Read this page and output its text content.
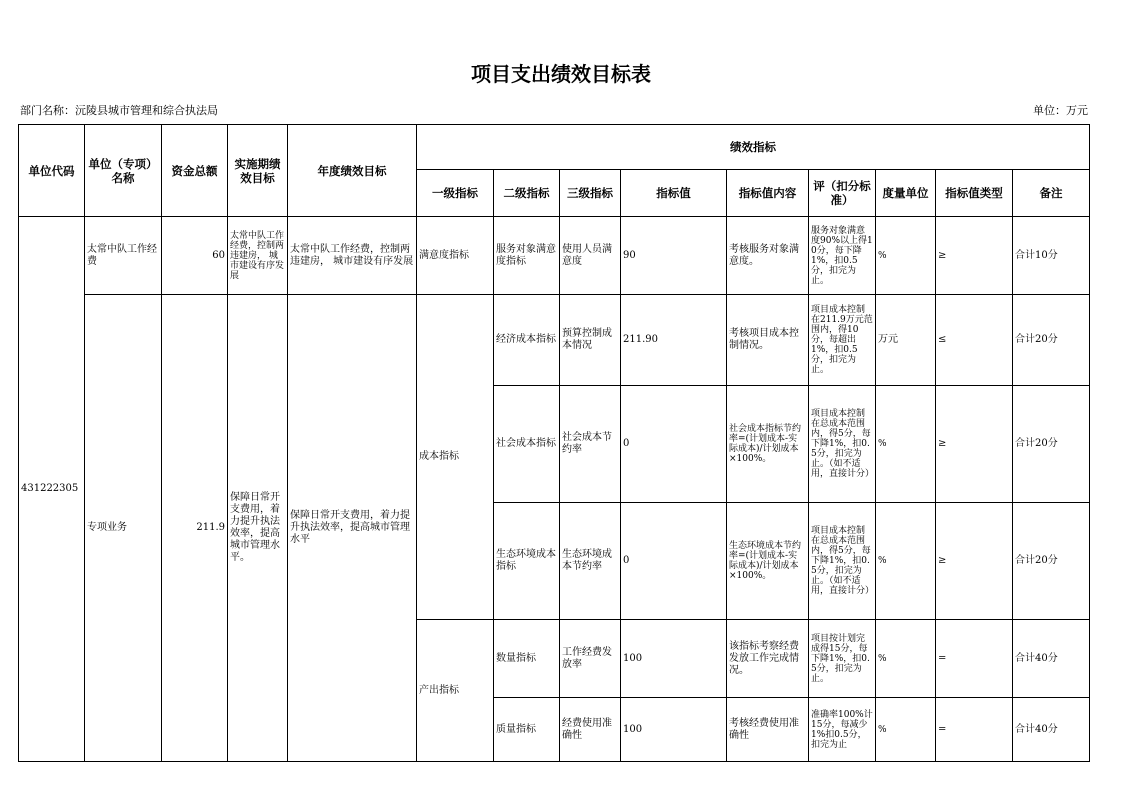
项目支出绩效目标表
部门名称：沅陵县城市管理和综合执法局	单位：万元
单位代码	单位（专项）名称	资金总额	实施期绩效目标	年度绩效目标	绩效指标								
					一级指标	二级指标	三级指标	指标值	指标值内容	评（扣分标准）	度量单位	指标值类型	备注
431222305	太常中队工作经费	60	太常中队工作经费，控制两违建房， 城市建设有序发展	太常中队工作经费，控制两违建房， 城市建设有序发展	满意度指标	服务对象满意度指标	使用人员满意度	90	考核服务对象满意度。	服务对象满意度90%以上得10分，每下降1%，扣0.5分，扣完为止。	%	≥	合计10分
	专项业务	211.9	保障日常开支费用，着力提升执法效率，提高城市管理水平。	保障日常开支费用，着力提升执法效率，提高城市管理水平	成本指标	经济成本指标	预算控制成本情况	211.90	考核项目成本控制情况。	项目成本控制在211.9万元范围内，得10分，每超出1%，扣0.5分，扣完为止。	万元	≤	合计20分
						社会成本指标	社会成本节约率	0	社会成本指标节约率=(计划成本-实际成本)/计划成本×100%。	项目成本控制在总成本范围内，得5分，每下降1%，扣0.5分，扣完为止。（如不适用，直接计分）	%	≥	合计20分
						生态环境成本指标	生态环境成本节约率	0	生态环境成本节约率=(计划成本-实际成本)/计划成本×100%。	项目成本控制在总成本范围内，得5分，每下降1%，扣0.5分，扣完为止。（如不适用，直接计分）	%	≥	合计20分
					产出指标	数量指标	工作经费发放率	100	该指标考察经费发放工作完成情况。	项目按计划完成得15分，每下降1%，扣0.5分，扣完为止。	%	=	合计40分
						质量指标	经费使用准确性	100	考核经费使用准确性	准确率100%计15分，每减少1%扣0.5分，扣完为止	%	=	合计40分
